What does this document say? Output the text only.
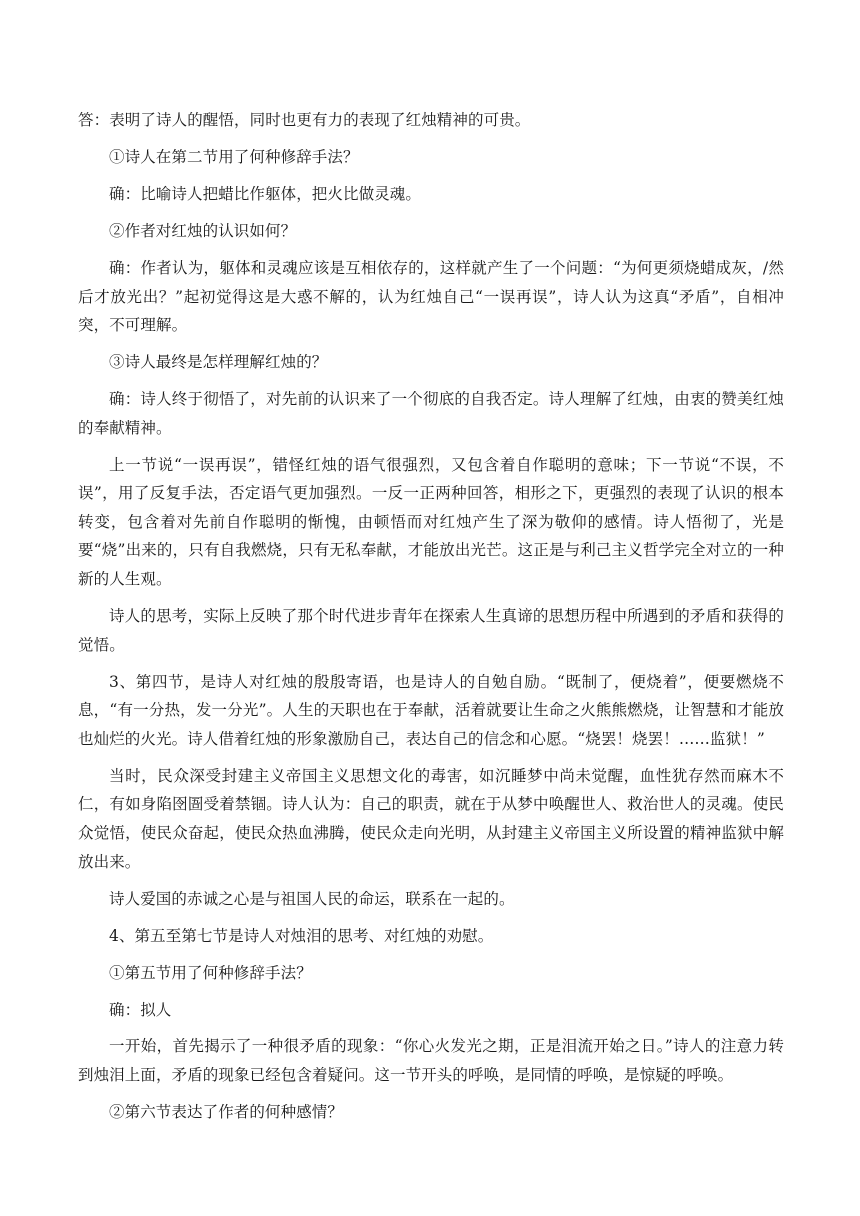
答：表明了诗人的醒悟，同时也更有力的表现了红烛精神的可贵。

①诗人在第二节用了何种修辞手法？

确：比喻诗人把蜡比作躯体，把火比做灵魂。

②作者对红烛的认识如何？

确：作者认为，躯体和灵魂应该是互相依存的，这样就产生了一个问题：“为何更须烧蜡成灰，/然后才放光出？”起初觉得这是大惑不解的，认为红烛自己“一误再误”，诗人认为这真“矛盾”，自相冲突，不可理解。

③诗人最终是怎样理解红烛的？

确：诗人终于彻悟了，对先前的认识来了一个彻底的自我否定。诗人理解了红烛，由衷的赞美红烛的奉献精神。

上一节说“一误再误”，错怪红烛的语气很强烈，又包含着自作聪明的意味；下一节说“不误，不误”，用了反复手法，否定语气更加强烈。一反一正两种回答，相形之下，更强烈的表现了认识的根本转变，包含着对先前自作聪明的惭愧，由顿悟而对红烛产生了深为敬仰的感情。诗人悟彻了，光是要“烧”出来的，只有自我燃烧，只有无私奉献，才能放出光芒。这正是与利己主义哲学完全对立的一种新的人生观。

诗人的思考，实际上反映了那个时代进步青年在探索人生真谛的思想历程中所遇到的矛盾和获得的觉悟。

3、第四节，是诗人对红烛的殷殷寄语，也是诗人的自勉自励。“既制了，便烧着”，便要燃烧不息，“有一分热，发一分光”。人生的天职也在于奉献，活着就要让生命之火熊熊燃烧，让智慧和才能放也灿烂的火光。诗人借着红烛的形象激励自己，表达自己的信念和心愿。“烧罢！烧罢！……监狱！”

当时，民众深受封建主义帝国主义思想文化的毒害，如沉睡梦中尚未觉醒，血性犹存然而麻木不仁，有如身陷囹圄受着禁锢。诗人认为：自己的职责，就在于从梦中唤醒世人、救治世人的灵魂。使民众觉悟，使民众奋起，使民众热血沸腾，使民众走向光明，从封建主义帝国主义所设置的精神监狱中解放出来。

诗人爱国的赤诚之心是与祖国人民的命运，联系在一起的。

4、第五至第七节是诗人对烛泪的思考、对红烛的劝慰。

①第五节用了何种修辞手法？

确：拟人

一开始，首先揭示了一种很矛盾的现象：“你心火发光之期，正是泪流开始之日。”诗人的注意力转到烛泪上面，矛盾的现象已经包含着疑问。这一节开头的呼唤，是同情的呼唤，是惊疑的呼唤。

②第六节表达了作者的何种感情？
